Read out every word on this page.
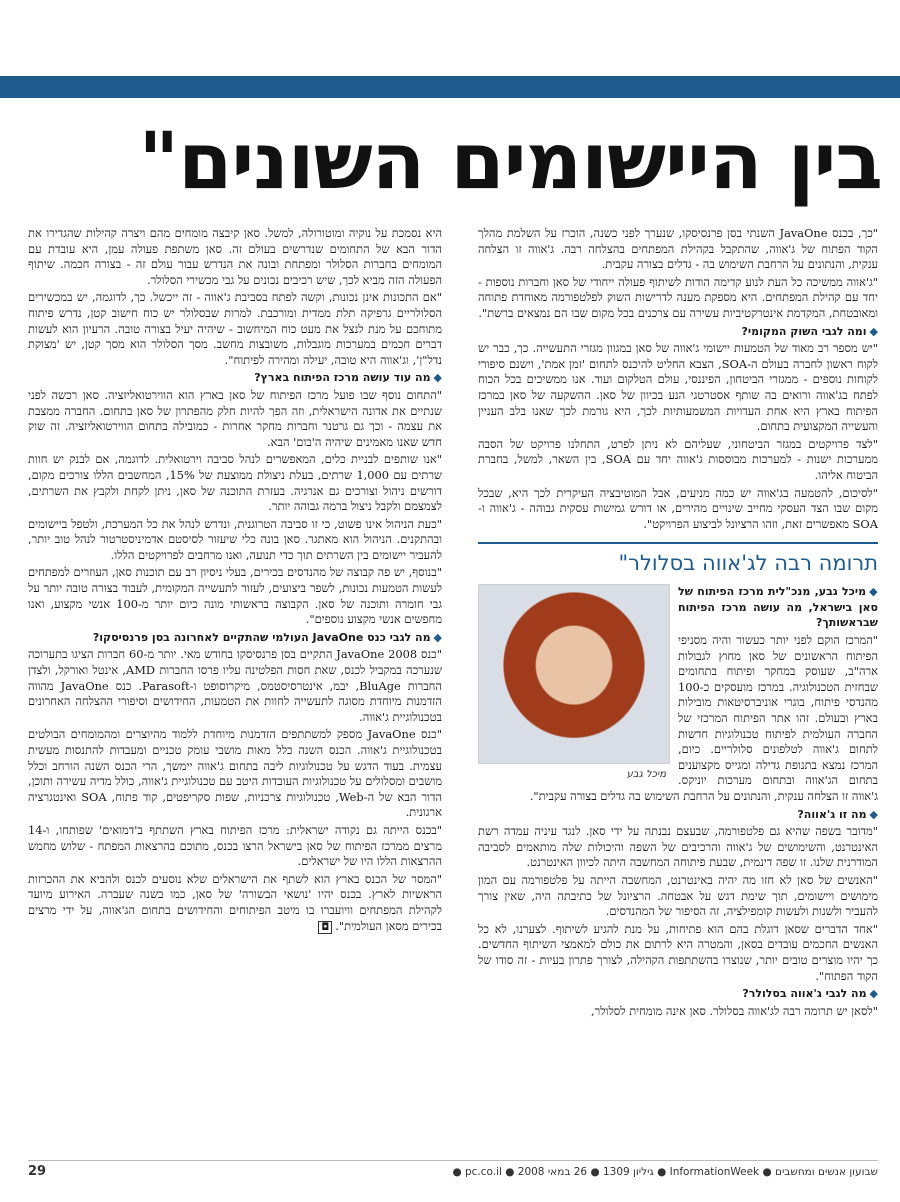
בין היישומים השונים"

"כך, בכנס JavaOne השנתי בסן פרנסיסקו, שנערך לפני כשנה, הוכרז על השלמת מהלך הקוד הפתוח של ג'אווה, שהתקבל בקהילת המפתחים בהצלחה רבה. ג'אווה זו הצלחה ענקית, והנתונים על הרחבת השימוש בה - גדלים בצורה עקבית.

"ג'אווה ממשיכה כל העת לנוע קדימה הודות לשיתוף פעולה ייחודי של סאן וחברות נוספות - יחד עם קהילת המפתחים. היא מספקת מענה לדרישות השוק לפלטפורמה מאוחדת פתוחה ומאובטחת, המקדמת אינטרקטיביות עשירה עם צרכנים בכל מקום שבו הם נמצאים ברשת".

◆ומה לגבי השוק המקומי?

"יש מספר רב מאוד של הטמעות יישומי ג'אווה של סאן במגוון מגזרי התעשייה. כך, כבר יש לקוח ראשון לחברה בעולם ה-SOA, הצבא החליט להיכנס לתחום 'זמן אמת', וישנם סיפורי לקוחות נוספים - ממגזרי הביטחון, הפיננסי, עולם הטלקום ועוד. אנו ממשיכים בכל הכוח לפתח בג'אווה ורואים בה שותף אסטרטגי הנע בכיוון של סאן. ההשקעה של סאן במרכז הפיתוח בארץ היא אחת העדויות המשמעותיות לכך, היא גורמת לכך שאנו בלב העניין והעשייה המקצועית בתחום.

"לצד פרויקטים במגזר הביטחוני, שעליהם לא ניתן לפרט, התחלנו פרויקט של הסבה ממערכות ישנות - למערכות מבוססות ג'אווה יחד עם SOA, בין השאר, למשל, בחברת הביטוח אליהו.

"לסיכום, להטמעה בג'אווה יש כמה מניעים, אבל המוטיבציה העיקרית לכך היא, שבכל מקום שבו הצד העסקי מחייב שינויים מהירים, או דורש גמישות עסקית גבוהה - ג'אווה ו-SOA מאפשרים זאת, וזהו הרציונל לביצוע הפרויקט".

תרומה רבה לג'אווה בסלולר"
מיכל גבע
◆מיכל גבע, מנכ"לית מרכז הפיתוח של סאן בישראל, מה עושה מרכז הפיתוח שבראשותך?

"המרכז הוקם לפני יותר כעשור והיה מסניפי הפיתוח הראשונים של סאן מחוץ לגבולות ארה"ב, שעוסק במחקר ופיתוח בתחומים שבחזית הטכנולוגיה. במרכז מועסקים כ-100 מהנדסי פיתוח, בוגרי אוניברסיטאות מובילות בארץ ובעולם. זהו אתר הפיתוח המרכזי של החברה העולמית לפיתוח טכנולוגיות חדשות לתחום ג'אווה לטלפונים סלולריים. כיום, המרכז נמצא בתנופת גדילה ומגייס מקצוענים בתחום הג'אווה ובתחום מערכות יוניקס. ג'אווה זו הצלחה ענקית, והנתונים על הרחבת השימוש בה גדלים בצורה עקבית".

◆מה זו ג'אווה?

"מדובר בשפה שהיא גם פלטפורמה, שבעצם נבנתה על ידי סאן. לנגד עיניה עמדה רשת האינטרנט, והשימושים של ג'אווה והרכיבים של השפה והיכולות שלה מותאמים לסביבה המודרנית שלנו. זו שפה דינמית, שבעת פיתוחה המחשבה היתה לכיוון האינטרנט.

"האנשים של סאן לא חזו מה יהיה באינטרנט, המחשבה הייתה על פלטפורמה עם המון מימושים ויישומים, תוך שימת דגש על אבטחה. הרציונל של כתיבתה היה, שאין צורך להעביר ולשנות ולעשות קומפילציה, זה הסיפור של המהנדסים.

"אחד הדברים שסאן דוגלת בהם הוא פתיחות, על מנת להגיע לשיתוף. לצערנו, לא כל האנשים החכמים עובדים בסאן, והמטרה היא לרתום את כולם למאמצי השיתוף החדשים. כך יהיו מוצרים טובים יותר, שנוצרו בהשתתפות הקהילה, לצורך פתרון בעיות - זה סודו של הקוד הפתוח".

◆מה לגבי ג'אווה בסלולר?

"לסאן יש תרומה רבה לג'אווה בסלולר. סאן אינה מומחית לסלולר,

היא נסמכת על נוקיה ומוטורולה, למשל. סאן קיבצה מומחים מהם ויצרה קהילות שהגדירו את הדור הבא של התחומים שנדרשים בעולם זה. סאן משתפת פעולה עמן, היא עובדת עם המומחים בחברות הסלולר ומפתחת ובונה את הנדרש עבור עולם זה - בצורה חכמה. שיתוף הפעולה הזה מביא לכך, שיש רכיבים נכונים על גבי מכשירי הסלולר.

"אם התכונות אינן נכונות, וקשה לפתח בסביבת ג'אווה - זה ייכשל. כך, לדוגמה, יש במכשירים הסלולריים גרפיקה תלת ממדית ומורכבת. למרות שבסלולר יש כוח חישוב קטן, נדרש פיתוח מתוחכם על מנת לנצל את מעט כוח המיחשוב - שיהיה יעיל בצורה טובה. הרעיון הוא לעשות דברים חכמים במערכות מוגבלות, משובצות מחשב. מסך הסלולר הוא מסך קטן, יש 'מצוקת נדל"ן', וג'אווה היא טובה, יעילה ומהירה לפיתוח".

◆מה עוד עושה מרכז הפיתוח בארץ?

"התחום נוסף שבו פועל מרכז הפיתוח של סאן בארץ הוא הווירטואליזציה. סאן רכשה לפני שנתיים את אדונה הישראלית, וזה הפך להיות חלק מהפתרון של סאן בתחום. החברה ממצבת את עצמה - וכך גם גרטנר וחברות מחקר אחרות - כמובילה בתחום הווירטואליזציה. זה שוק חדש שאנו מאמינים שיהיה ה'בום' הבא.

"אנו שותפים לבניית כלים, המאפשרים לנהל סביבה וירטואלית. לדוגמה, אם לבנק יש חוות שרתים עם 1,000 שרתים, בעלת ניצולת ממוצעת של 15%, המחשבים הללו צורכים מקום, דורשים ניהול וצורכים גם אנרגיה. בעזרת התוכנה של סאן, ניתן לקחת ולקבץ את השרתים, לצמצמם ולקבל ניצול ברמה גבוהה יותר.

"כעת הניהול אינו פשוט, כי זו סביבה הטרוגנית, ונדרש לנהל את כל המערכת, ולטפל ביישומים ובהתקנים. הניהול הוא מאתגר. סאן בונה כלי שיעזור לסיסטם אדמיניסטרטור לנהל טוב יותר, להעביר יישומים בין השרתים תוך כדי תנועה, ואנו מרחבים לפרויקטים הללו.

"בנוסף, יש פה קבוצה של מהנדסים בכירים, בעלי ניסיון רב עם תוכנות סאן, העוזרים למפתחים לעשות הטמעות נכונות, לשפר ביצועים, לעזור לתעשייה המקומית, לעבוד בצורה טובה יותר על גבי חומרה ותוכנה של סאן. הקבוצה בראשותי מונה כיום יותר מ-100 אנשי מקצוע, ואנו מחפשים אנשי מקצוע נוספים".

◆מה לגבי כנס JavaOne העולמי שהתקיים לאחרונה בסן פרנסיסקו?

"כנס JavaOne 2008 התקיים בסן פרנסיסקו בחודש מאי. יותר מ-60 חברות הציגו בתערוכה שנערכה במקביל לכנס, שאת חסות הפלטינה עליו פרסו החברות AMD, אינטל ואורקל, ולצדן החברות BluAge, יבמ, אינטרסיסטמס, מיקרוסופט ו-Parasoft. כנס JavaOne מהווה הזדמנות מיוחדת מסוגה לתעשייה לחוות את הטמעות, החידושים וסיפורי ההצלחה האחרונים בטכנולוגיית ג'אווה.

"כנס JavaOne מספק למשתתפים הזדמנות מיוחדת ללמוד מהיוצרים ומהמומחים הבולטים בטכנולוגיית ג'אווה. הכנס השנה כלל מאות מושבי עומק טכניים ומעבדות להתנסות מעשית עצמית. בעוד הדגש על טכנולוגיות ליבה בתחום ג'אווה יימשך, הרי הכנס השנה הורחב וכלל מושבים ומסלולים על טכנולוגיות העובדות היטב עם טכנולוגיית ג'אווה, כולל מדיה עשירה ותוכן, הדור הבא של ה-Web, טכנולוגיות צרכניות, שפות סקריפטים, קוד פתוח, SOA ואינטגרציה ארגונית.

"בכנס הייתה גם נקודה ישראלית: מרכז הפיתוח בארץ השתתף ב'דמואים' שפותחו, ו-14 מרצים ממרכז הפיתוח של סאן בישראל הרצו בכנס, מתוכם בהרצאות המפתח - שלוש מחמש ההרצאות הללו היו של ישראלים.

"המסר של הכנס בארץ הוא לשתף את הישראלים שלא נוסעים לכנס ולהביא את ההכרזות הראשיות לארץ. בכנס יהיו 'נושאי הבשורה' של סאן, כמו בשנה שעברה. האירוע מיועד לקהילת המפתחים וויועברו בו מיטב הפיתוחים והחידושים בתחום הג'אווה, על ידי מרצים בכירים מסאן העולמית".◘

29	שבועון אנשים ומחשבים ● InformationWeek ● גיליון 1309 ● 26 במאי 2008 ● pc.co.il ●
